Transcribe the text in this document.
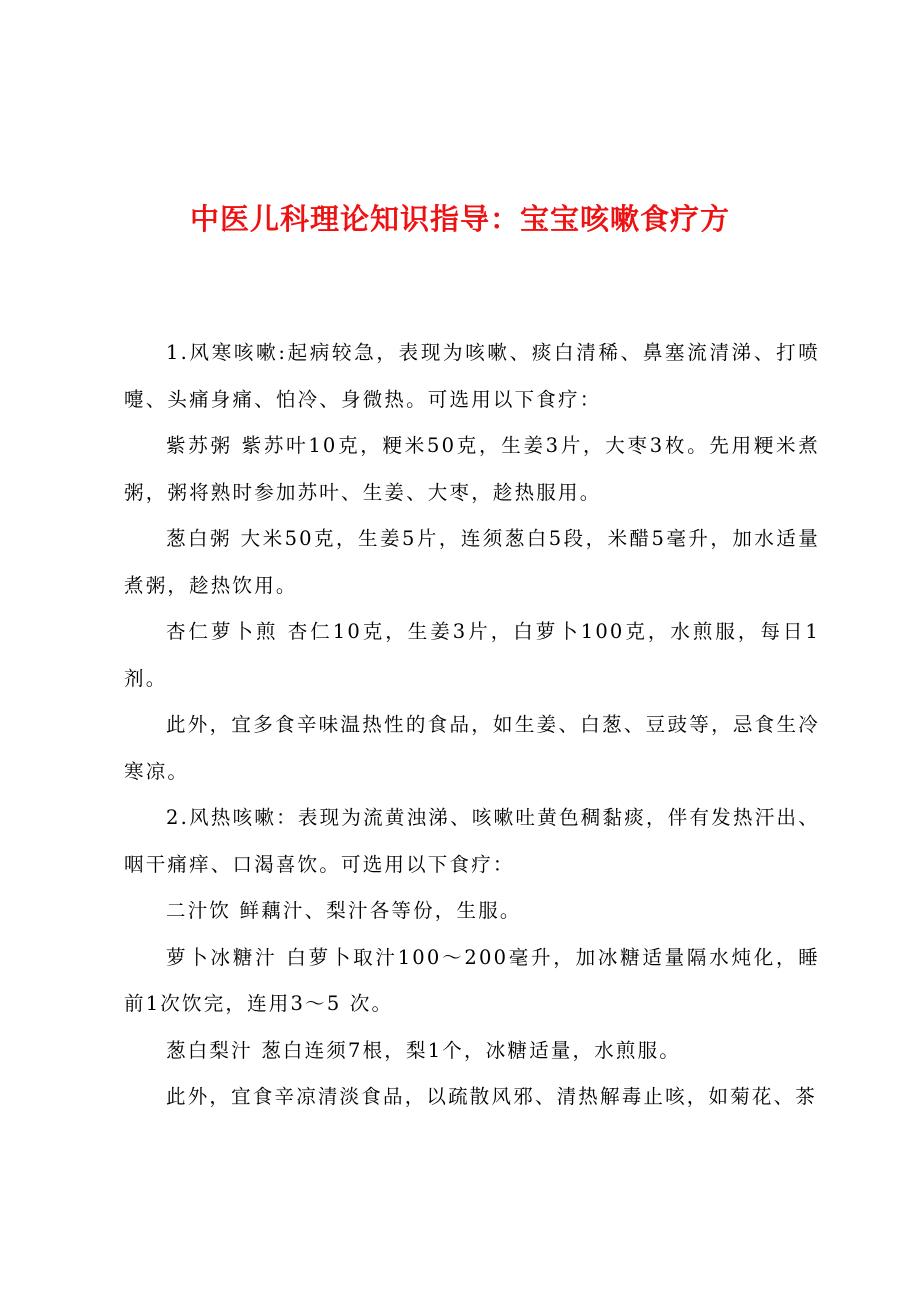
中医儿科理论知识指导：宝宝咳嗽食疗方

1.风寒咳嗽:起病较急，表现为咳嗽、痰白清稀、鼻塞流清涕、打喷嚏、头痛身痛、怕冷、身微热。可选用以下食疗：

紫苏粥 紫苏叶10克，粳米50克，生姜3片，大枣3枚。先用粳米煮粥，粥将熟时参加苏叶、生姜、大枣，趁热服用。

葱白粥 大米50克，生姜5片，连须葱白5段，米醋5毫升，加水适量煮粥，趁热饮用。

杏仁萝卜煎 杏仁10克，生姜3片，白萝卜100克，水煎服，每日1剂。

此外，宜多食辛味温热性的食品，如生姜、白葱、豆豉等，忌食生冷寒凉。

2.风热咳嗽：表现为流黄浊涕、咳嗽吐黄色稠黏痰，伴有发热汗出、咽干痛痒、口渴喜饮。可选用以下食疗：

二汁饮 鲜藕汁、梨汁各等份，生服。

萝卜冰糖汁 白萝卜取汁100～200毫升，加冰糖适量隔水炖化，睡前1次饮完，连用3～5 次。

葱白梨汁 葱白连须7根，梨1个，冰糖适量，水煎服。

此外，宜食辛凉清淡食品，以疏散风邪、清热解毒止咳，如菊花、茶
